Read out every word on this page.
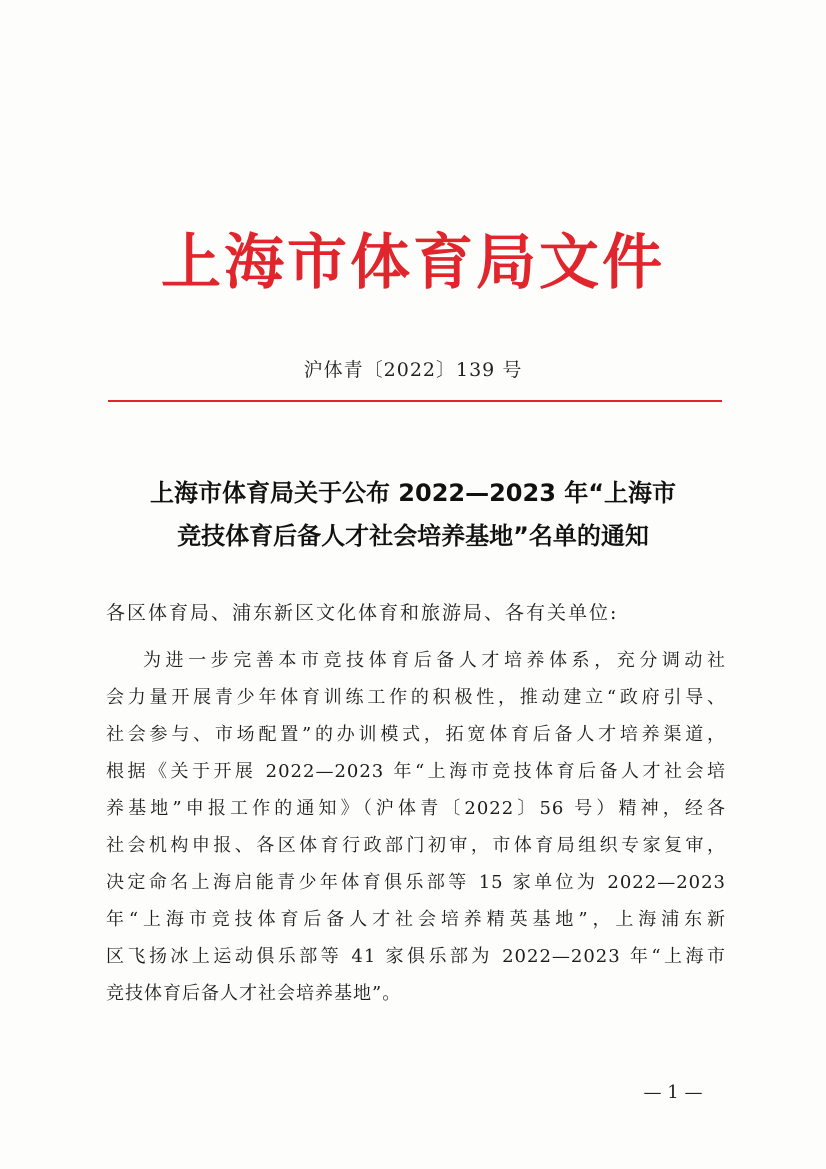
上海市体育局文件
沪体青〔2022〕139 号
上海市体育局关于公布 2022—2023 年“上海市
竞技体育后备人才社会培养基地”名单的通知
各区体育局、浦东新区文化体育和旅游局、各有关单位:
为进一步完善本市竞技体育后备人才培养体系，充分调动社
会力量开展青少年体育训练工作的积极性，推动建立“政府引导、
社会参与、市场配置”的办训模式，拓宽体育后备人才培养渠道，
根据《关于开展 2022—2023 年“上海市竞技体育后备人才社会培
养基地”申报工作的通知》（沪体青〔2022〕56 号）精神，经各
社会机构申报、各区体育行政部门初审，市体育局组织专家复审，
决定命名上海启能青少年体育俱乐部等 15 家单位为 2022—2023
年“上海市竞技体育后备人才社会培养精英基地”，上海浦东新
区飞扬冰上运动俱乐部等 41 家俱乐部为 2022—2023 年“上海市
竞技体育后备人才社会培养基地”。
— 1 —
